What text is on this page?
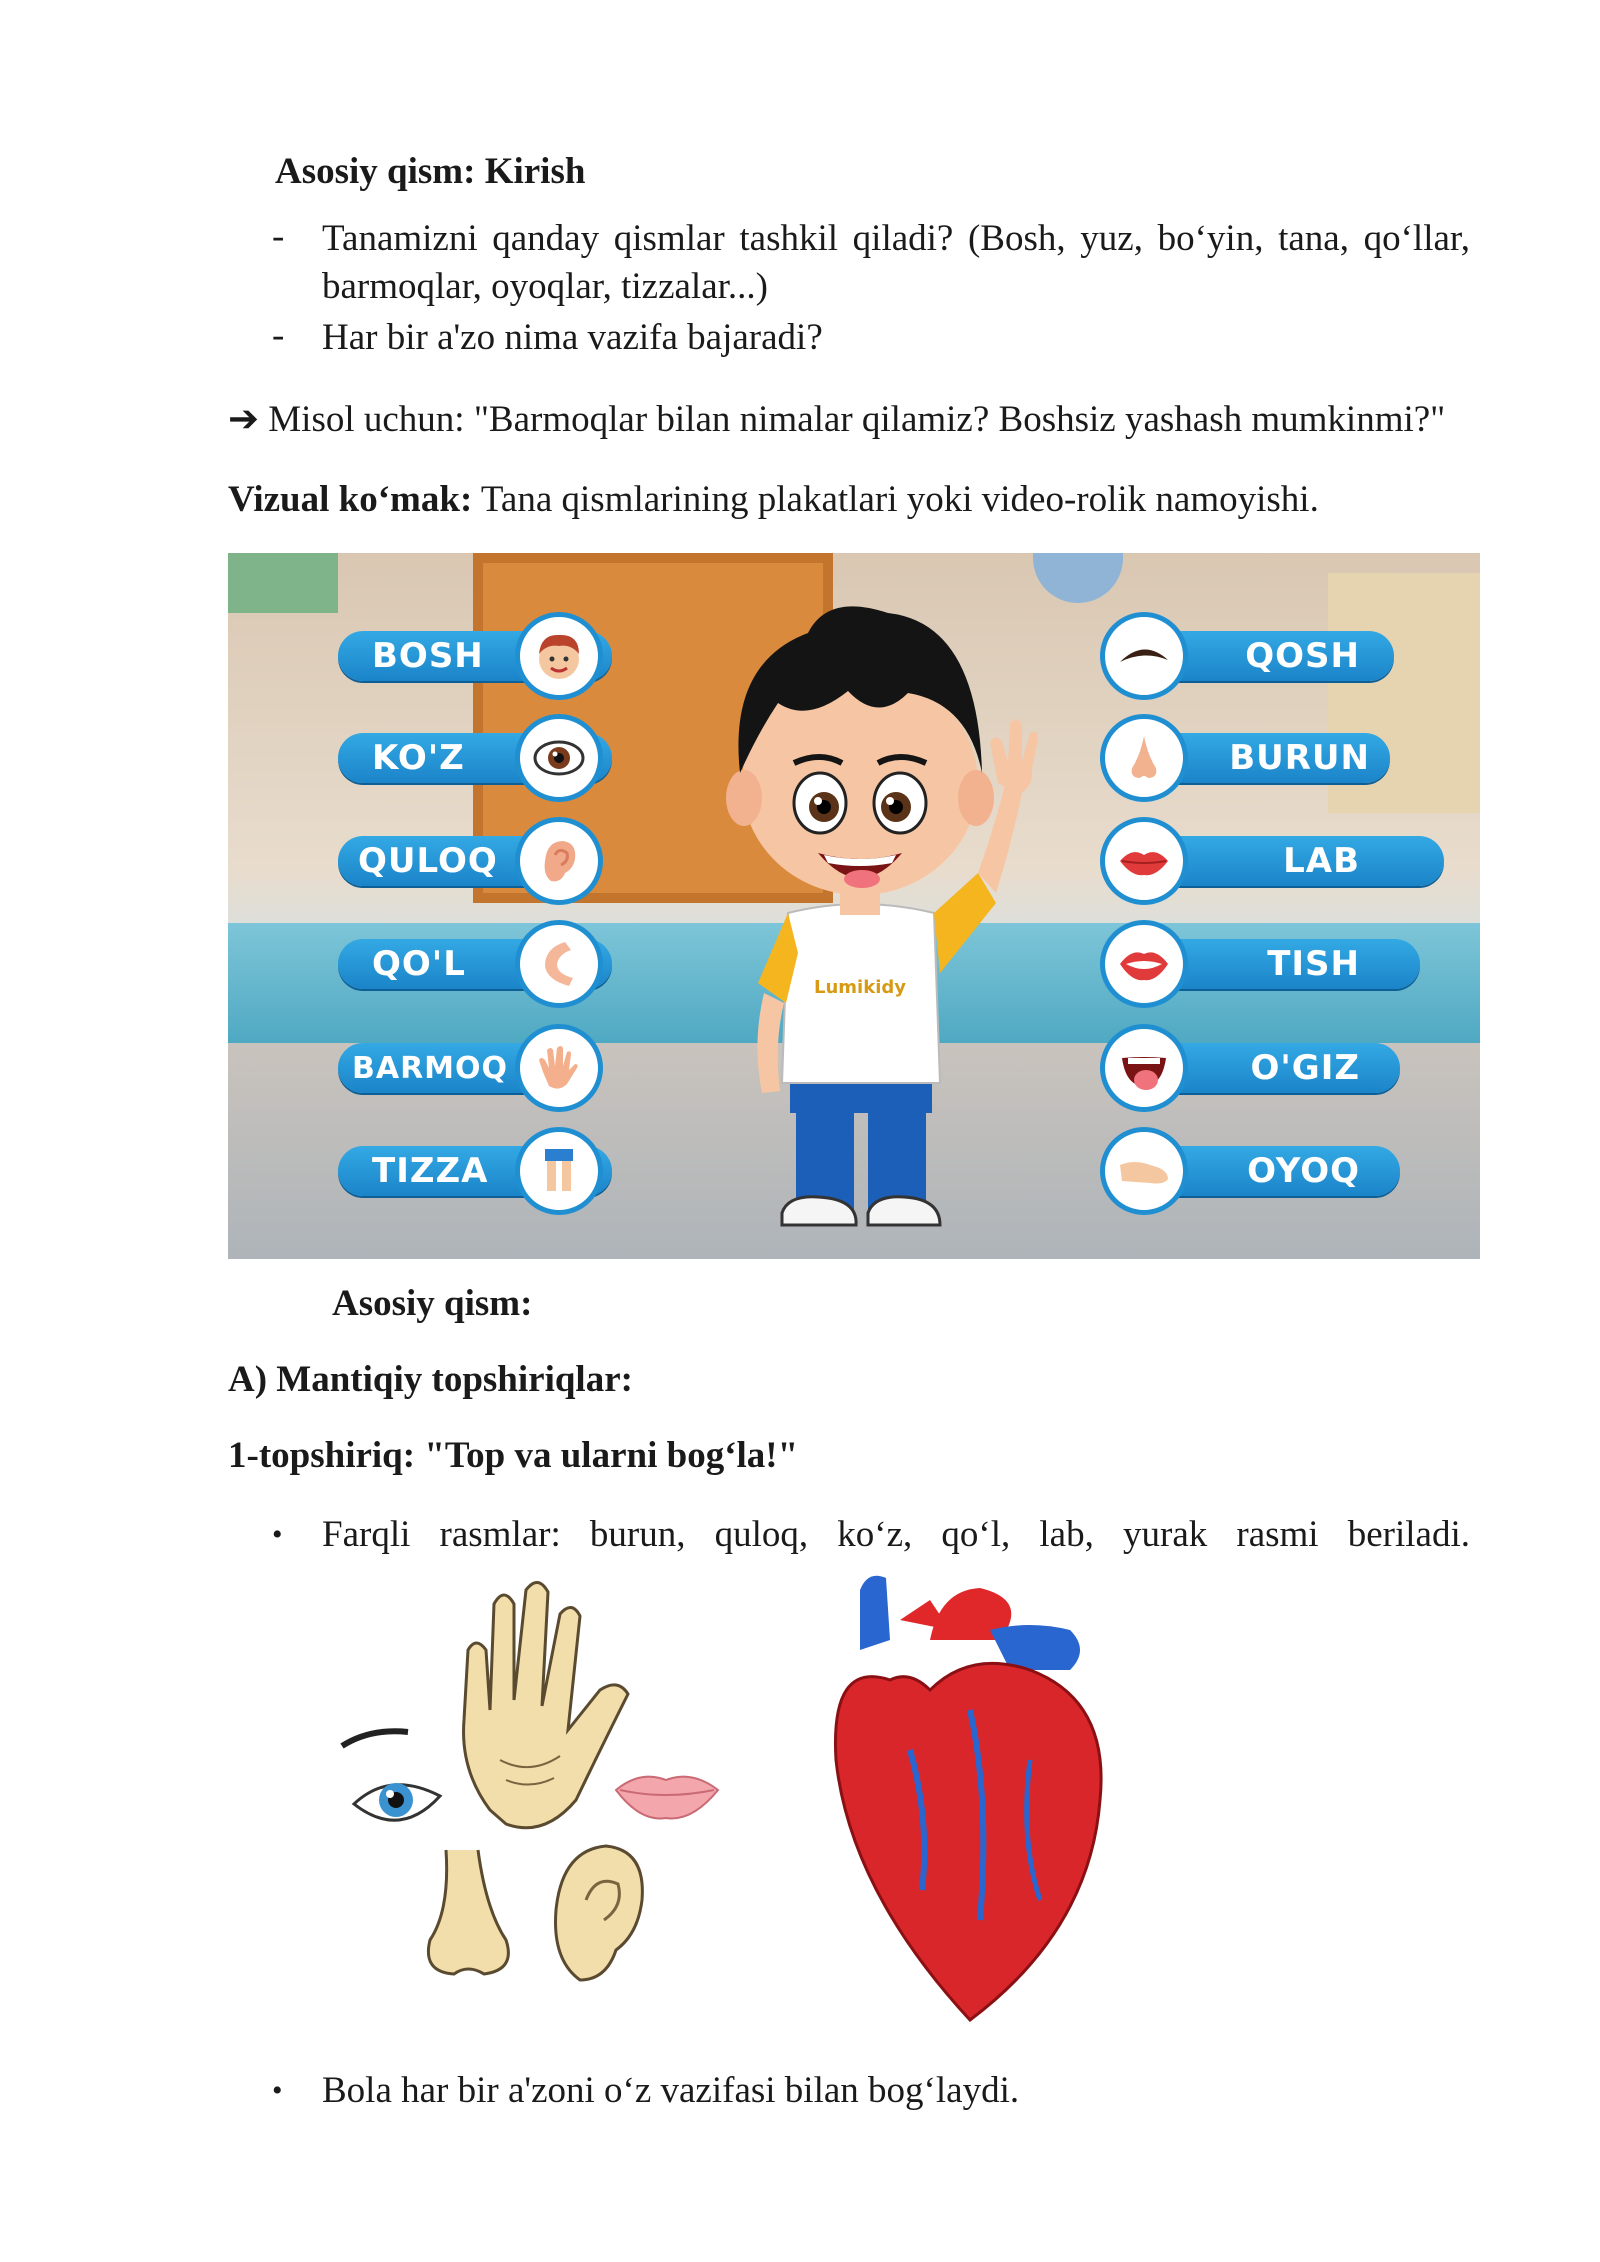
Asosiy qism: Kirish
- Tanamizni qanday qismlar tashkil qiladi? (Bosh, yuz, bo‘yin, tana, qo‘llar,
barmoqlar, oyoqlar, tizzalar...)
- Har bir a'zo nima vazifa bajaradi?
➔ Misol uchun: "Barmoqlar bilan nimalar qilamiz? Boshsiz yashash mumkinmi?"
Vizual ko‘mak: Tana qismlarining plakatlari yoki video-rolik namoyishi.
BOSH
KO'Z
QULOQ
QO'L
BARMOQ
TIZZA
QOSH
BURUN
LAB
TISH
O'GIZ
OYOQ
Lumikidy
Asosiy qism:
A) Mantiqiy topshiriqlar:
1-topshiriq: "Top va ularni bog‘la!"
• Farqli rasmlar: burun, quloq, ko‘z, qo‘l, lab, yurak rasmi beriladi.
• Bola har bir a'zoni o‘z vazifasi bilan bog‘laydi.
